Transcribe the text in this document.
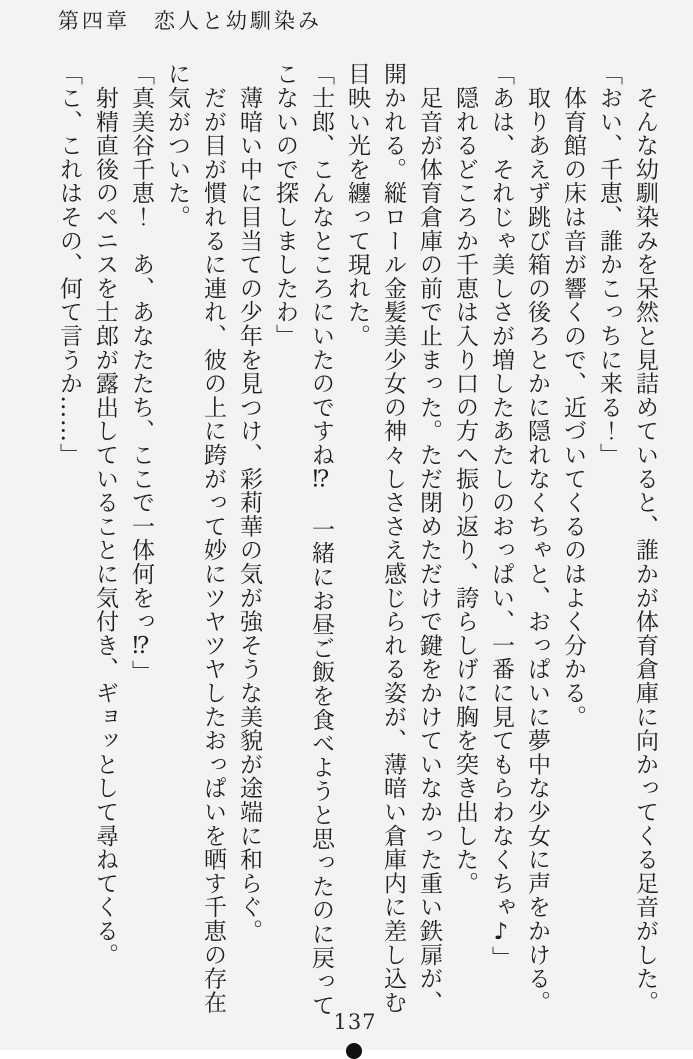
第四章　恋人と幼馴染み

　そんな幼馴染みを呆然と見詰めていると、誰かが体育倉庫に向かってくる足音がした。

「おい、千恵、誰かこっちに来る！」

　体育館の床は音が響くので、近づいてくるのはよく分かる。

　取りあえず跳び箱の後ろとかに隠れなくちゃと、おっぱいに夢中な少女に声をかける。

「あは、それじゃ美しさが増したあたしのおっぱい、一番に見てもらわなくちゃ♪」

　隠れるどころか千恵は入り口の方へ振り返り、誇らしげに胸を突き出した。

　足音が体育倉庫の前で止まった。ただ閉めただけで鍵をかけていなかった重い鉄扉が、

開かれる。縦ロール金髪美少女の神々しささえ感じられる姿が、薄暗い倉庫内に差し込む

目映い光を纏って現れた。

「士郎、こんなところにいたのですね⁉　一緒にお昼ご飯を食べようと思ったのに戻って

こないので探しましたわ」

　薄暗い中に目当ての少年を見つけ、彩莉華の気が強そうな美貌が途端に和らぐ。

　だが目が慣れるに連れ、彼の上に跨がって妙にツヤツヤしたおっぱいを晒す千恵の存在

に気がついた。

「真美谷千恵！　あ、あなたたち、ここで一体何をっ⁉」

　射精直後のペニスを士郎が露出していることに気付き、ギョッとして尋ねてくる。

「こ、これはその、何て言うか……」

137
